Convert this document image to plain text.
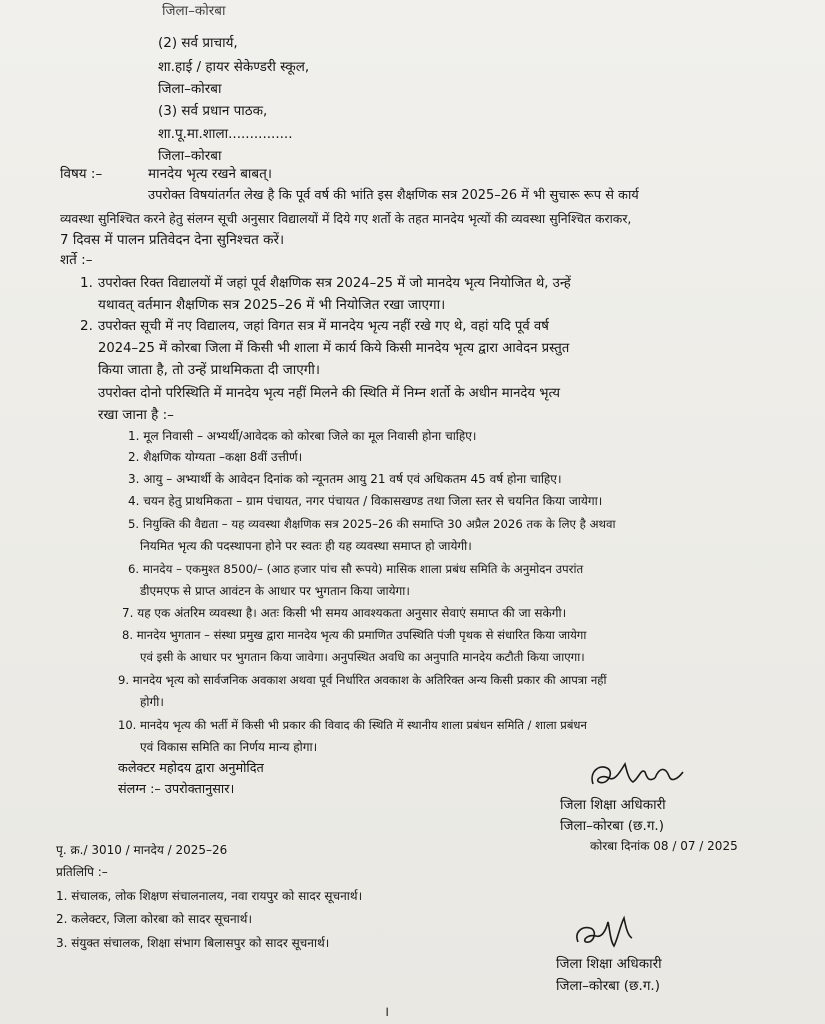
जिला–कोरबा
(2) सर्व प्राचार्य,
शा.हाई / हायर सेकेण्डरी स्कूल,
जिला–कोरबा
(3) सर्व प्रधान पाठक,
शा.पू.मा.शाला...............
जिला–कोरबा
विषय :–	मानदेय भृत्य रखने बाबत्।
उपरोक्त विषयांतर्गत लेख है कि पूर्व वर्ष की भांति इस शैक्षणिक सत्र 2025–26 में भी सुचारू रूप से कार्य
व्यवस्था सुनिश्चित करने हेतु संलग्न सूची अनुसार विद्यालयों में दिये गए शर्तो के तहत मानदेय भृत्यों की व्यवस्था सुनिश्चित कराकर,
7 दिवस में पालन प्रतिवेदन देना सुनिश्चत करें।
शर्ते :–
1. उपरोक्त रिक्त विद्यालयों में जहां पूर्व शैक्षणिक सत्र 2024–25 में जो मानदेय भृत्य नियोजित थे, उन्हें
यथावत् वर्तमान शैक्षणिक सत्र 2025–26 में भी नियोजित रखा जाएगा।
2. उपरोक्त सूची में नए विद्यालय, जहां विगत सत्र में मानदेय भृत्य नहीं रखे गए थे, वहां यदि पूर्व वर्ष
2024–25 में कोरबा जिला में किसी भी शाला में कार्य किये किसी मानदेय भृत्य द्वारा आवेदन प्रस्तुत
किया जाता है, तो उन्हें प्राथमिकता दी जाएगी।
उपरोक्त दोनो परिस्थिति में मानदेय भृत्य नहीं मिलने की स्थिति में निम्न शर्तो के अधीन मानदेय भृत्य
रखा जाना है :–
1. मूल निवासी – अभ्यर्थी/आवेदक को कोरबा जिले का मूल निवासी होना चाहिए।
2. शैक्षणिक योग्यता –कक्षा 8वीं उत्तीर्ण।
3. आयु – अभ्यार्थी के आवेदन दिनांक को न्यूनतम आयु 21 वर्ष एवं अधिकतम 45 वर्ष होना चाहिए।
4. चयन हेतु प्राथमिकता – ग्राम पंचायत, नगर पंचायत / विकासखण्ड तथा जिला स्तर से चयनित किया जायेगा।
5. नियुक्ति की वैद्यता – यह व्यवस्था शैक्षणिक सत्र 2025–26 की समाप्ति 30 अप्रैल 2026 तक के लिए है अथवा
नियमित भृत्य की पदस्थापना होने पर स्वतः ही यह व्यवस्था समाप्त हो जायेगी।
6. मानदेय – एकमुश्त 8500/– (आठ हजार पांच सौ रूपये) मासिक शाला प्रबंध समिति के अनुमोदन उपरांत
डीएमएफ से प्राप्त आवंटन के आधार पर भुगतान किया जायेगा।
7. यह एक अंतरिम व्यवस्था है। अतः किसी भी समय आवश्यकता अनुसार सेवाएं समाप्त की जा सकेगी।
8. मानदेय भुगतान – संस्था प्रमुख द्वारा मानदेय भृत्य की प्रमाणित उपस्थिति पंजी पृथक से संधारित किया जायेगा
एवं इसी के आधार पर भुगतान किया जावेगा। अनुपस्थित अवधि का अनुपाति मानदेय कटौती किया जाएगा।
9. मानदेय भृत्य को सार्वजनिक अवकाश अथवा पूर्व निर्धारित अवकाश के अतिरिक्त अन्य किसी प्रकार की आपत्रा नहीं
होगी।
10. मानदेय भृत्य की भर्ती में किसी भी प्रकार की विवाद की स्थिति में स्थानीय शाला प्रबंधन समिति / शाला प्रबंधन
एवं विकास समिति का निर्णय मान्य होगा।
कलेक्टर महोदय द्वारा अनुमोदित
संलग्न :– उपरोक्तानुसार।
जिला शिक्षा अधिकारी
जिला–कोरबा (छ.ग.)
कोरबा दिनांक 08 / 07 / 2025
पृ. क्र./ 3010 / मानदेय / 2025–26
प्रतिलिपि :–
1. संचालक, लोक शिक्षण संचालनालय, नवा रायपुर को सादर सूचनार्थ।
2. कलेक्टर, जिला कोरबा को सादर सूचनार्थ।
3. संयुक्त संचालक, शिक्षा संभाग बिलासपुर को सादर सूचनार्थ।
जिला शिक्षा अधिकारी
जिला–कोरबा (छ.ग.)
।
